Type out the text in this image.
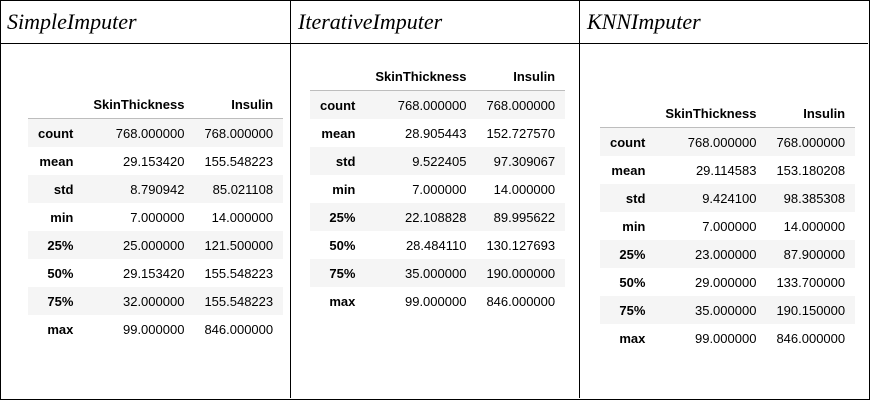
SimpleImputer	IterativeImputer	KNNImputer
	SkinThickness	Insulin
count	768.000000	768.000000
mean	29.153420	155.548223
std	8.790942	85.021108
min	7.000000	14.000000
25%	25.000000	121.500000
50%	29.153420	155.548223
75%	32.000000	155.548223
max	99.000000	846.000000
	SkinThickness	Insulin
count	768.000000	768.000000
mean	28.905443	152.727570
std	9.522405	97.309067
min	7.000000	14.000000
25%	22.108828	89.995622
50%	28.484110	130.127693
75%	35.000000	190.000000
max	99.000000	846.000000
	SkinThickness	Insulin
count	768.000000	768.000000
mean	29.114583	153.180208
std	9.424100	98.385308
min	7.000000	14.000000
25%	23.000000	87.900000
50%	29.000000	133.700000
75%	35.000000	190.150000
max	99.000000	846.000000
